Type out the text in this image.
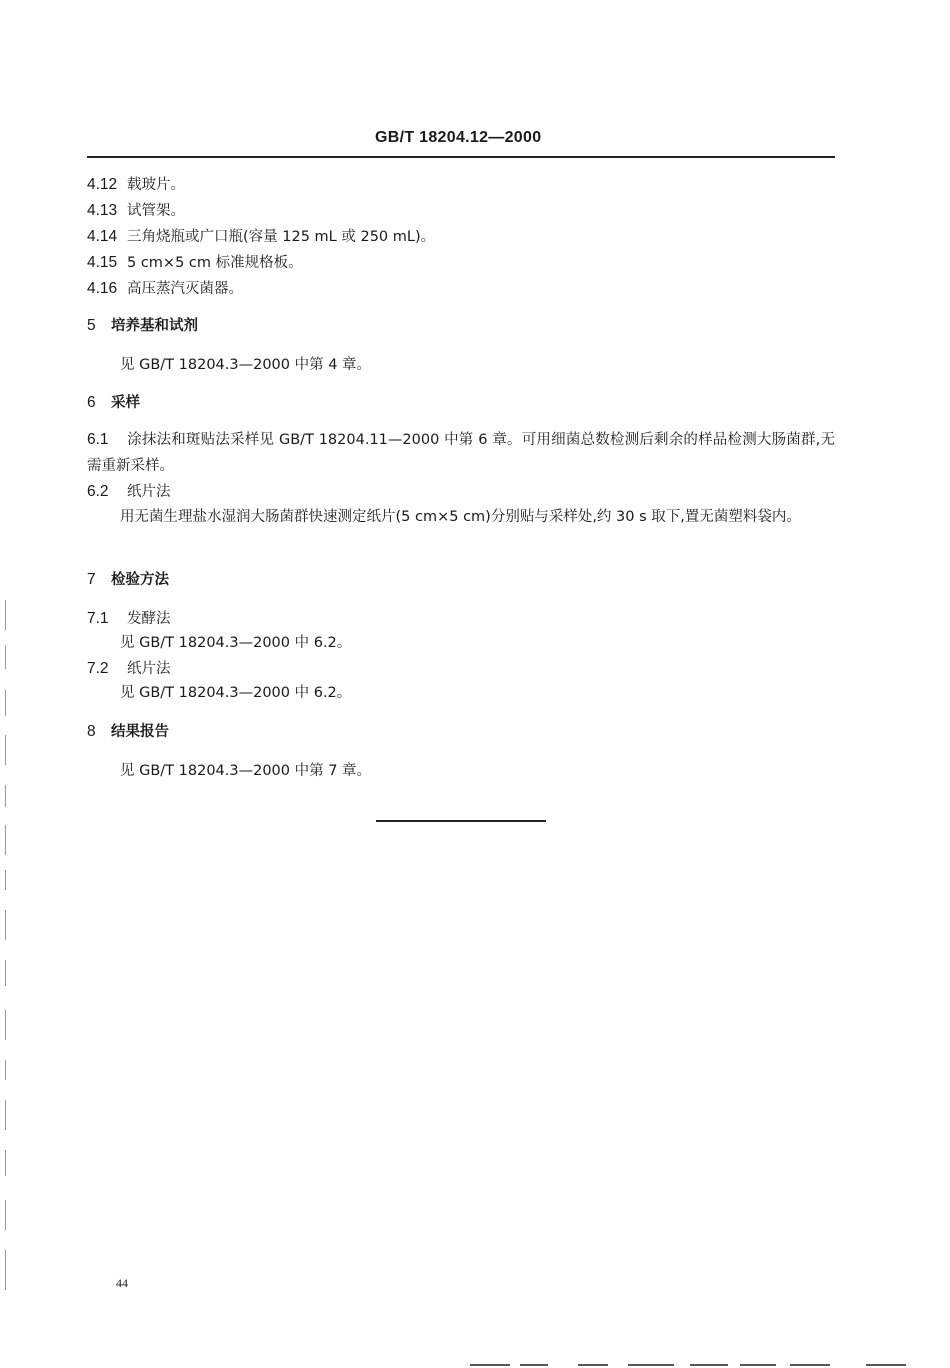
GB/T 18204.12—2000
4.12 载玻片。
4.13 试管架。
4.14 三角烧瓶或广口瓶(容量 125 mL 或 250 mL)。
4.15 5 cm×5 cm 标准规格板。
4.16 高压蒸汽灭菌器。
5 培养基和试剂
见 GB/T 18204.3—2000 中第 4 章。
6 采样
6.1 涂抹法和斑贴法采样见 GB/T 18204.11—2000 中第 6 章。可用细菌总数检测后剩余的样品检测大肠菌群,无需重新采样。
6.2 纸片法
用无菌生理盐水湿润大肠菌群快速测定纸片(5 cm×5 cm)分别贴与采样处,约 30 s 取下,置无菌塑料袋内。
7 检验方法
7.1 发酵法
见 GB/T 18204.3—2000 中 6.2。
7.2 纸片法
见 GB/T 18204.3—2000 中 6.2。
8 结果报告
见 GB/T 18204.3—2000 中第 7 章。
44
